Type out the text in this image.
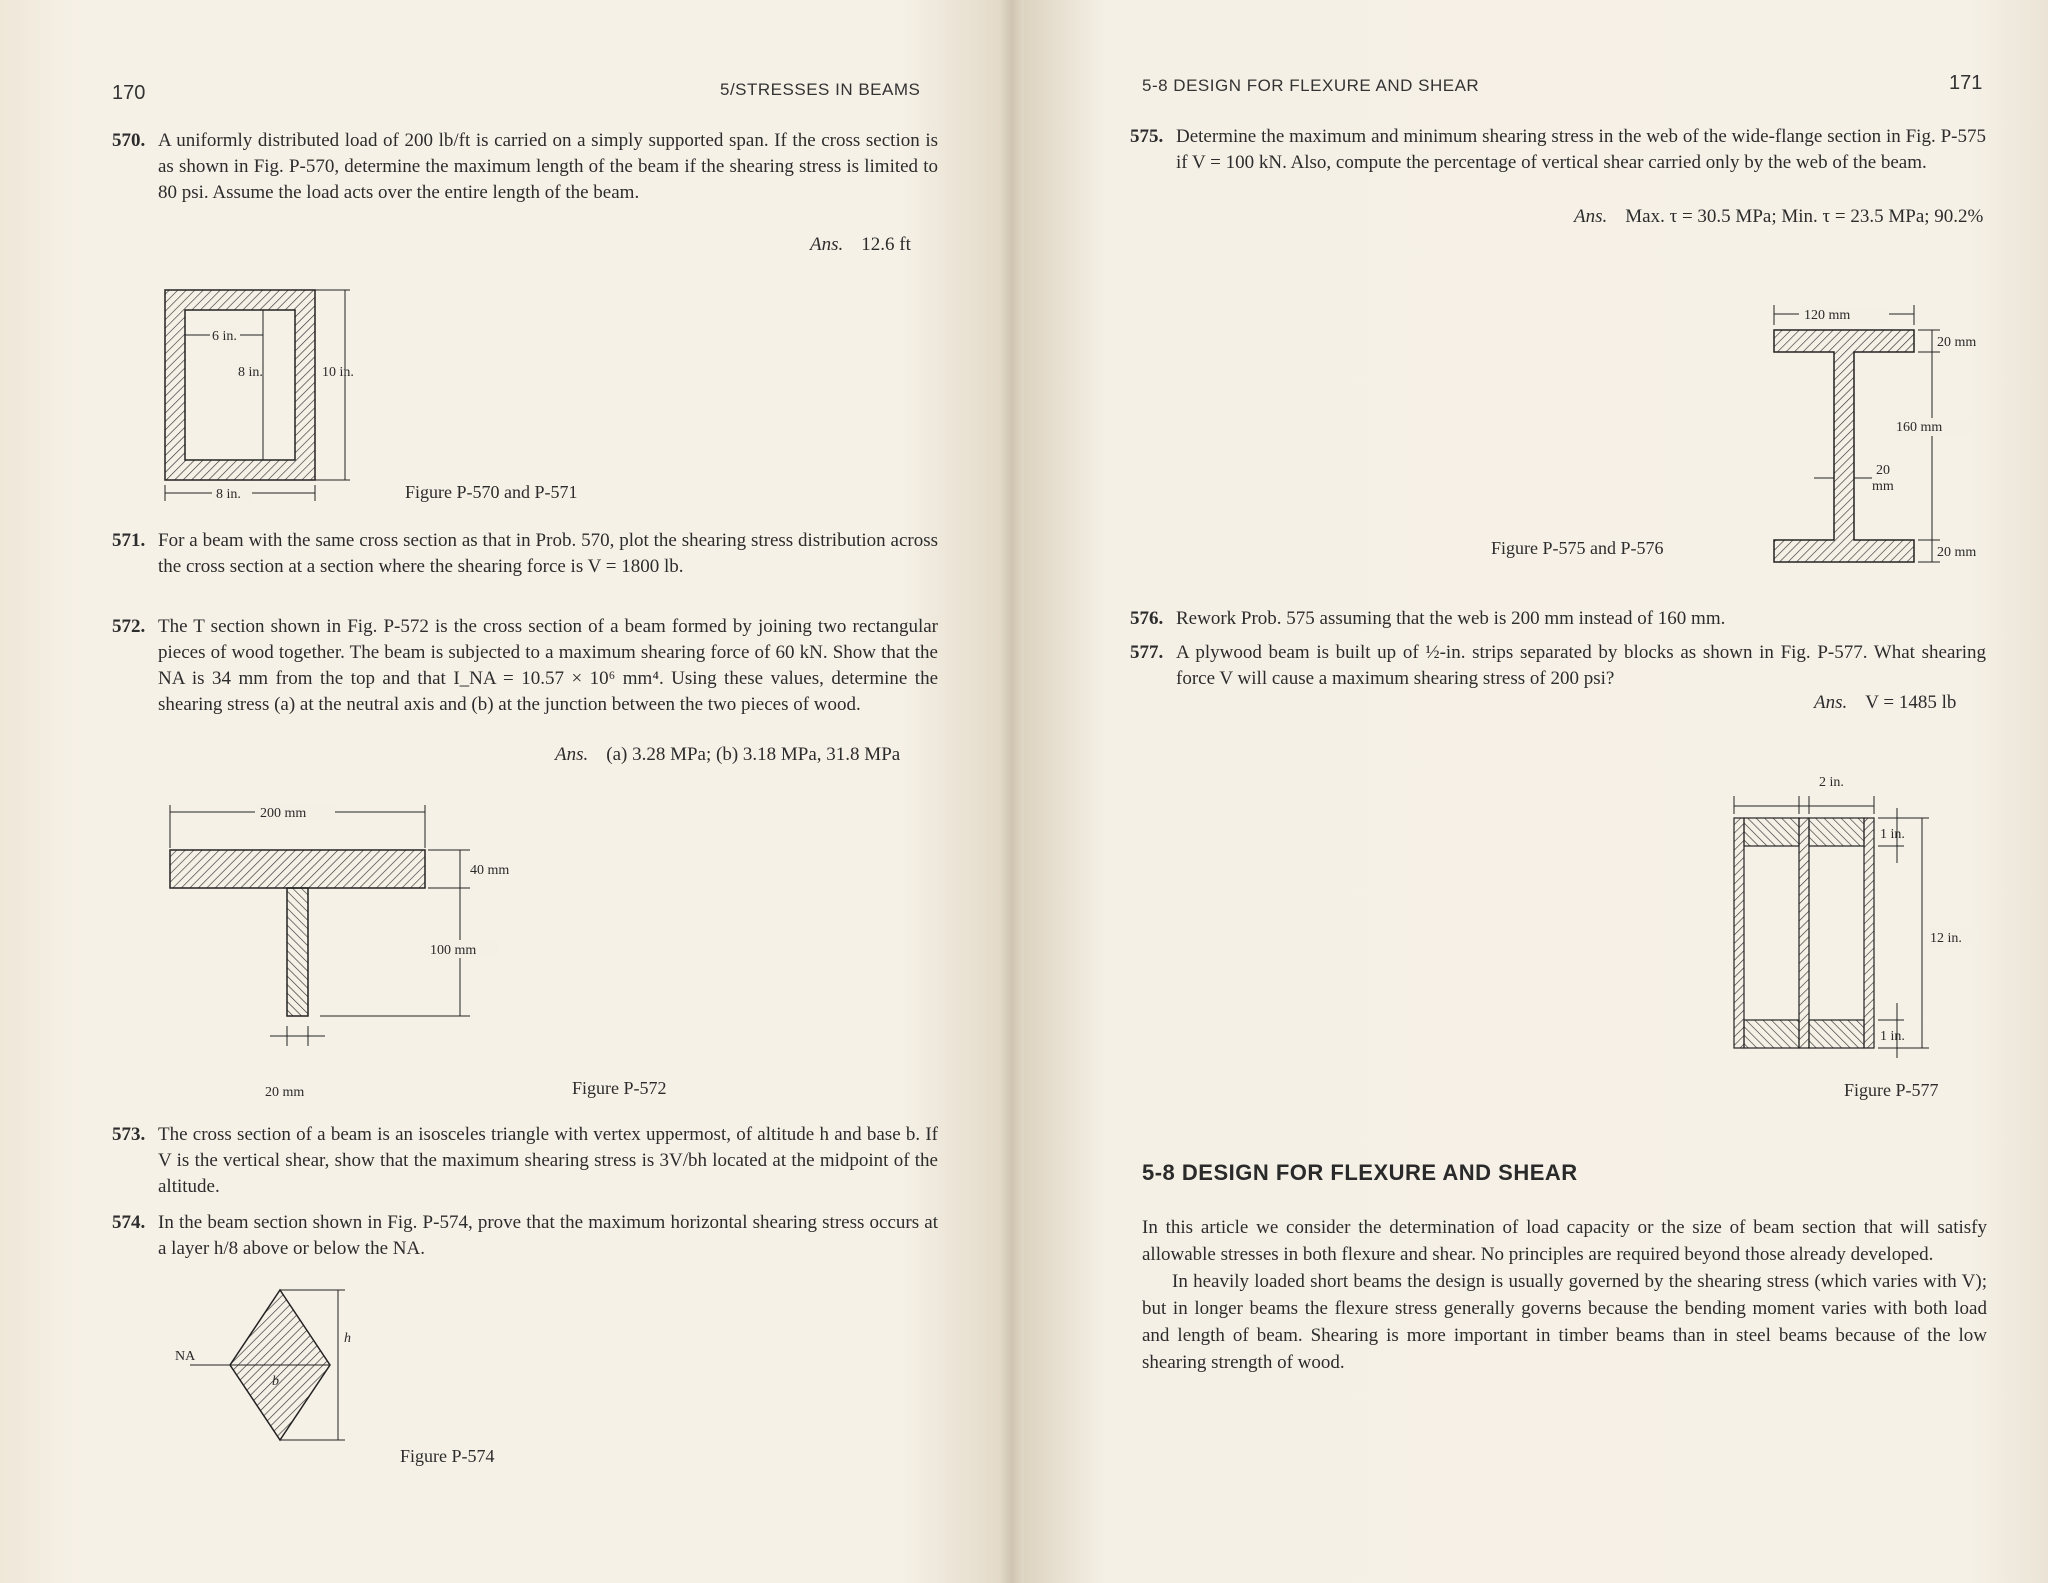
170	5/STRESSES IN BEAMS
570. A uniformly distributed load of 200 lb/ft is carried on a simply supported span. If the cross section is as shown in Fig. P-570, determine the maximum length of the beam if the shearing stress is limited to 80 psi. Assume the load acts over the entire length of the beam.
Ans. 12.6 ft
6 in.
8 in.	10 in.
8 in.	Figure P-570 and P-571
571. For a beam with the same cross section as that in Prob. 570, plot the shearing stress distribution across the cross section at a section where the shearing force is V = 1800 lb.
572. The T section shown in Fig. P-572 is the cross section of a beam formed by joining two rectangular pieces of wood together. The beam is subjected to a maximum shearing force of 60 kN. Show that the NA is 34 mm from the top and that I_NA = 10.57 × 10⁶ mm⁴. Using these values, determine the shearing stress (a) at the neutral axis and (b) at the junction between the two pieces of wood.
Ans. (a) 3.28 MPa; (b) 3.18 MPa, 31.8 MPa
200 mm
40 mm
100 mm
20 mm	Figure P-572
573. The cross section of a beam is an isosceles triangle with vertex uppermost, of altitude h and base b. If V is the vertical shear, show that the maximum shearing stress is 3V/bh located at the midpoint of the altitude.
574. In the beam section shown in Fig. P-574, prove that the maximum horizontal shearing stress occurs at a layer h/8 above or below the NA.
NA
h
b
Figure P-574
5-8 DESIGN FOR FLEXURE AND SHEAR	171
575. Determine the maximum and minimum shearing stress in the web of the wide-flange section in Fig. P-575 if V = 100 kN. Also, compute the percentage of vertical shear carried only by the web of the beam.
Ans. Max. τ = 30.5 MPa; Min. τ = 23.5 MPa; 90.2%
120 mm
20 mm
160 mm
20 mm
20
mm
Figure P-575 and P-576
576. Rework Prob. 575 assuming that the web is 200 mm instead of 160 mm.
577. A plywood beam is built up of ½-in. strips separated by blocks as shown in Fig. P-577. What shearing force V will cause a maximum shearing stress of 200 psi?
Ans. V = 1485 lb
2 in.
1 in.
12 in.
1 in.
Figure P-577
5-8 DESIGN FOR FLEXURE AND SHEAR

In this article we consider the determination of load capacity or the size of beam section that will satisfy allowable stresses in both flexure and shear. No principles are required beyond those already developed.

In heavily loaded short beams the design is usually governed by the shearing stress (which varies with V); but in longer beams the flexure stress generally governs because the bending moment varies with both load and length of beam. Shearing is more important in timber beams than in steel beams because of the low shearing strength of wood.
